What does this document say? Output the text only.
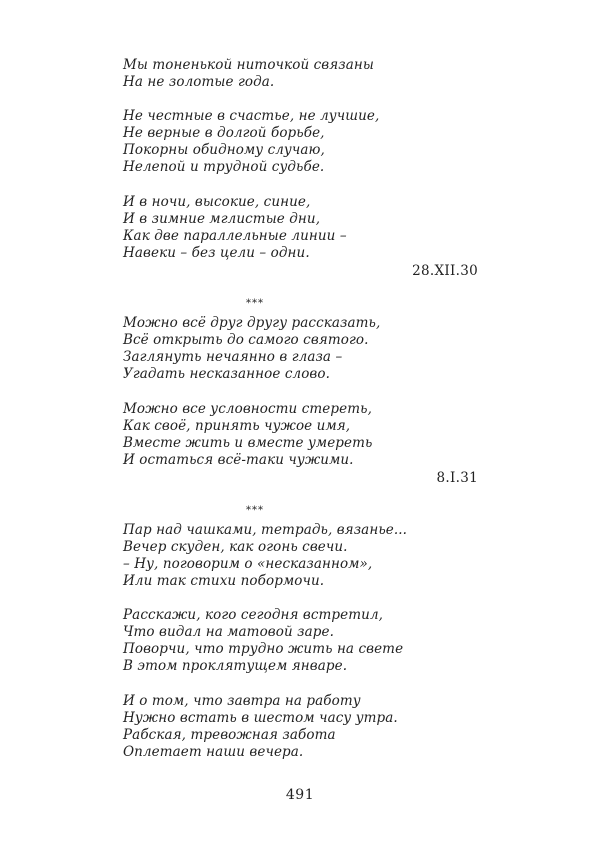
Мы тоненькой ниточкой связаны
На не золотые года.
Не честные в счастье, не лучшие,
Не верные в долгой борьбе,
Покорны обидному случаю,
Нелепой и трудной судьбе.
И в ночи, высокие, синие,
И в зимние мглистые дни,
Как две параллельные линии –
Навеки – без цели – одни.
28.XII.30
***
Можно всё друг другу рассказать,
Всё открыть до самого святого.
Заглянуть нечаянно в глаза –
Угадать несказанное слово.
Можно все условности стереть,
Как своё, принять чужое имя,
Вместе жить и вместе умереть
И остаться всё-таки чужими.
8.I.31
***
Пар над чашками, тетрадь, вязанье...
Вечер скуден, как огонь свечи.
– Ну, поговорим о «несказанном»,
Или так стихи побормочи.
Расскажи, кого сегодня встретил,
Что видал на матовой заре.
Поворчи, что трудно жить на свете
В этом проклятущем январе.
И о том, что завтра на работу
Нужно встать в шестом часу утра.
Рабская, тревожная забота
Оплетает наши вечера.
491
